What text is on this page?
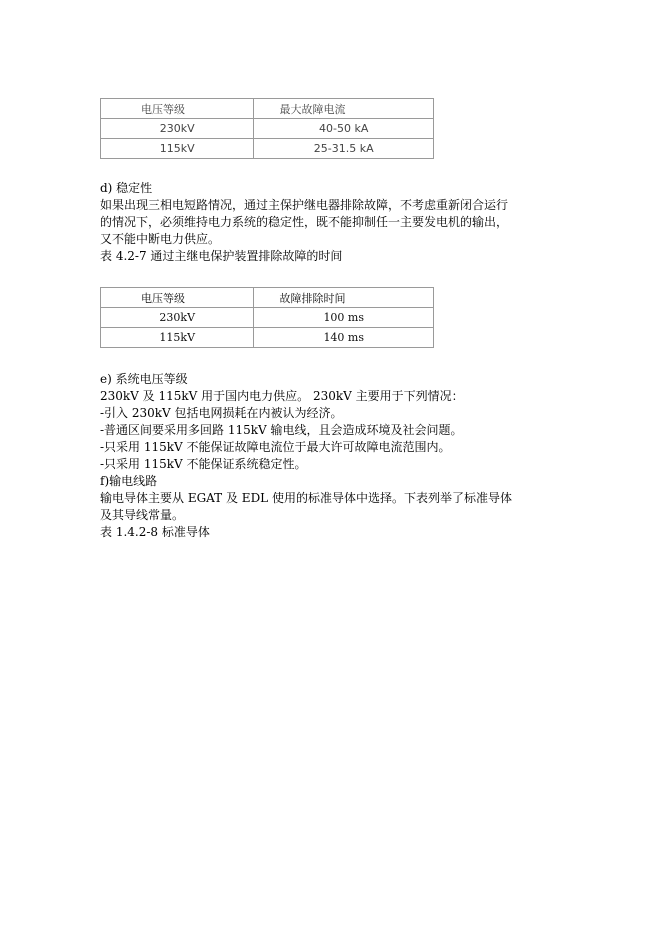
电压等级	最大故障电流
230kV	40-50 kA
115kV	25-31.5 kA
d) 稳定性
如果出现三相电短路情况，通过主保护继电器排除故障，不考虑重新闭合运行
的情况下，必须维持电力系统的稳定性，既不能抑制任一主要发电机的输出，
又不能中断电力供应。
表 4.2-7 通过主继电保护装置排除故障的时间
电压等级	故障排除时间
230kV	100 ms
115kV	140 ms
e) 系统电压等级
230kV 及 115kV 用于国内电力供应。 230kV 主要用于下列情况：
-引入 230kV 包括电网损耗在内被认为经济。
-普通区间要采用多回路 115kV 输电线，且会造成环境及社会问题。
-只采用 115kV 不能保证故障电流位于最大许可故障电流范围内。
-只采用 115kV 不能保证系统稳定性。
f)输电线路
输电导体主要从 EGAT 及 EDL 使用的标准导体中选择。下表列举了标准导体
及其导线常量。
表 1.4.2-8 标准导体
